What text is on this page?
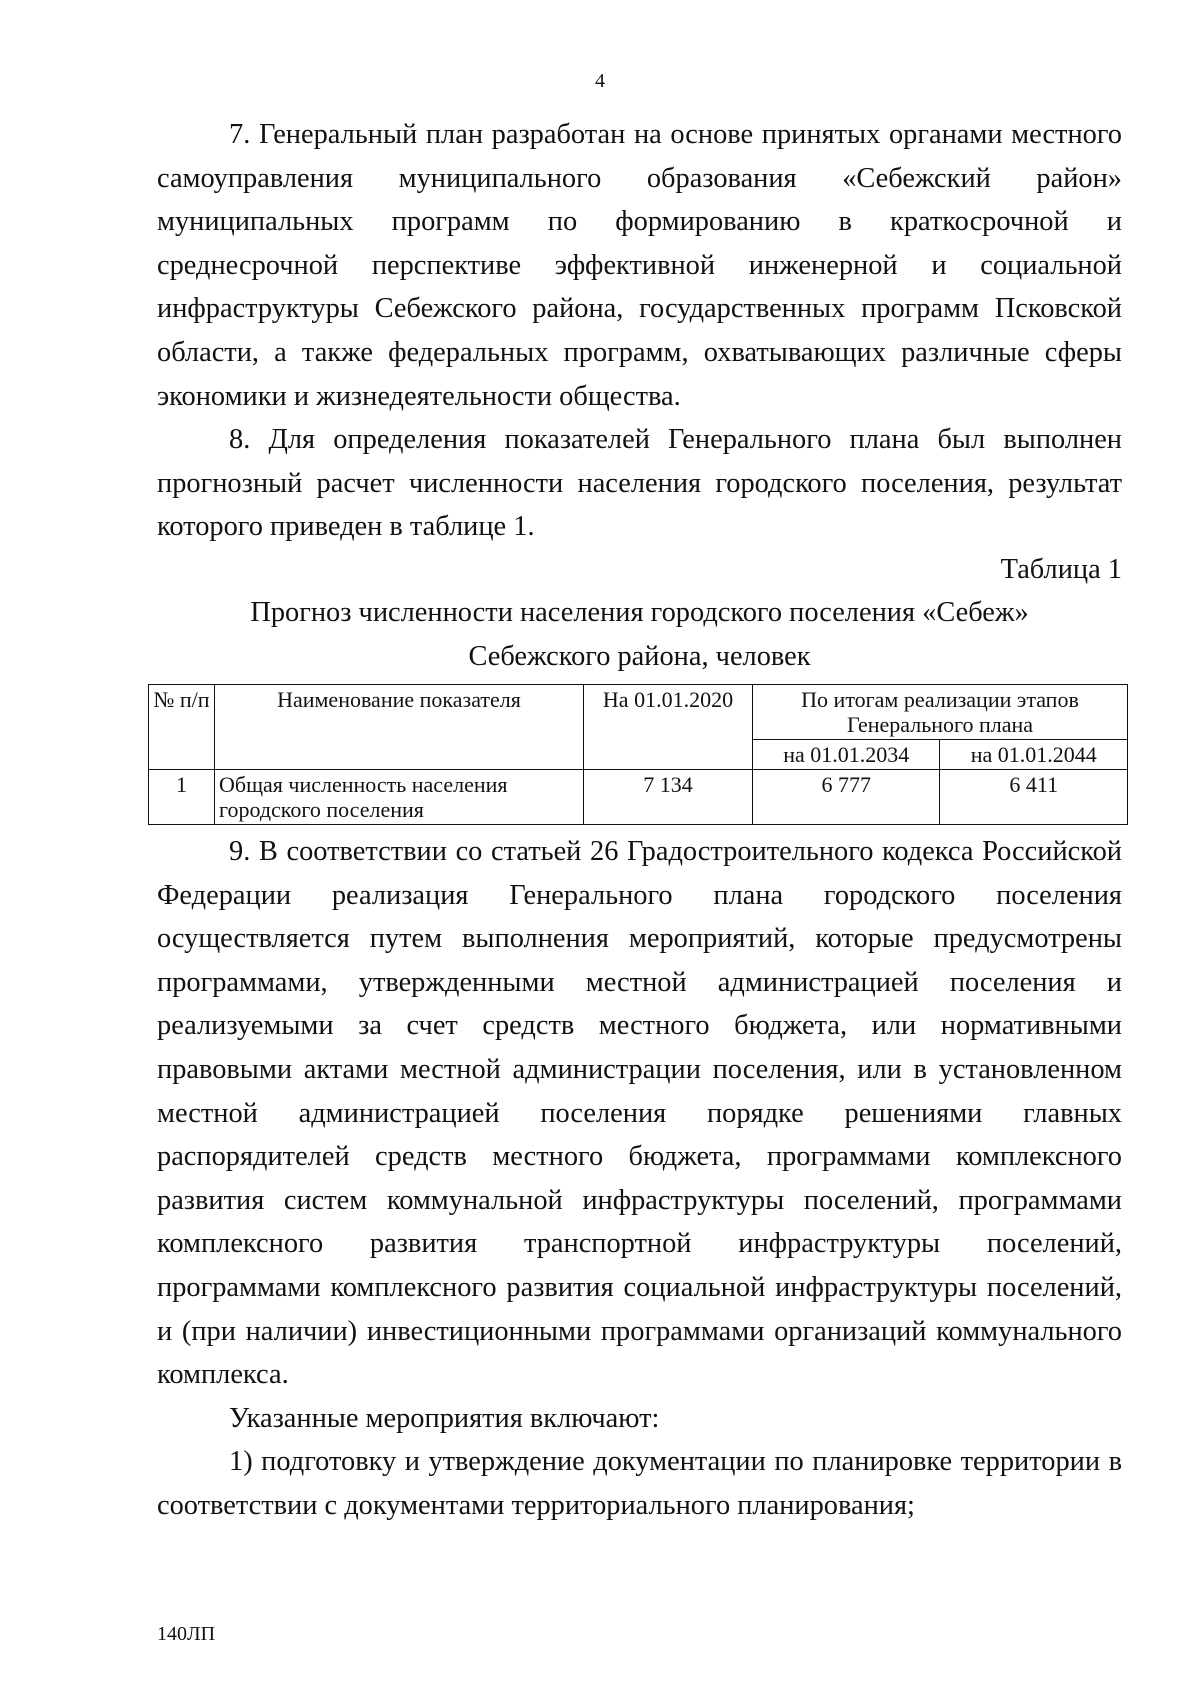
4

7. Генеральный план разработан на основе принятых органами местного самоуправления муниципального образования «Себежский район» муниципальных программ по формированию в краткосрочной и среднесрочной перспективе эффективной инженерной и социальной инфраструктуры Себежского района, государственных программ Псковской области, а также федеральных программ, охватывающих различные сферы экономики и жизнедеятельности общества.

8. Для определения показателей Генерального плана был выполнен прогнозный расчет численности населения городского поселения, результат которого приведен в таблице 1.

Таблица 1
Прогноз численности населения городского поселения «Себеж»
Себежского района, человек
№ п/п	Наименование показателя	На 01.01.2020	По итогам реализации этапов Генерального плана	
			на 01.01.2034	на 01.01.2044
1	Общая численность населения городского поселения	7 134	6 777	6 411

9. В соответствии со статьей 26 Градостроительного кодекса Российской Федерации реализация Генерального плана городского поселения осуществляется путем выполнения мероприятий, которые предусмотрены программами, утвержденными местной администрацией поселения и реализуемыми за счет средств местного бюджета, или нормативными правовыми актами местной администрации поселения, или в установленном местной администрацией поселения порядке решениями главных распорядителей средств местного бюджета, программами комплексного развития систем коммунальной инфраструктуры поселений, программами комплексного развития транспортной инфраструктуры поселений, программами комплексного развития социальной инфраструктуры поселений, и (при наличии) инвестиционными программами организаций коммунального комплекса.

Указанные мероприятия включают:

1) подготовку и утверждение документации по планировке территории в соответствии с документами территориального планирования;

140ЛП
